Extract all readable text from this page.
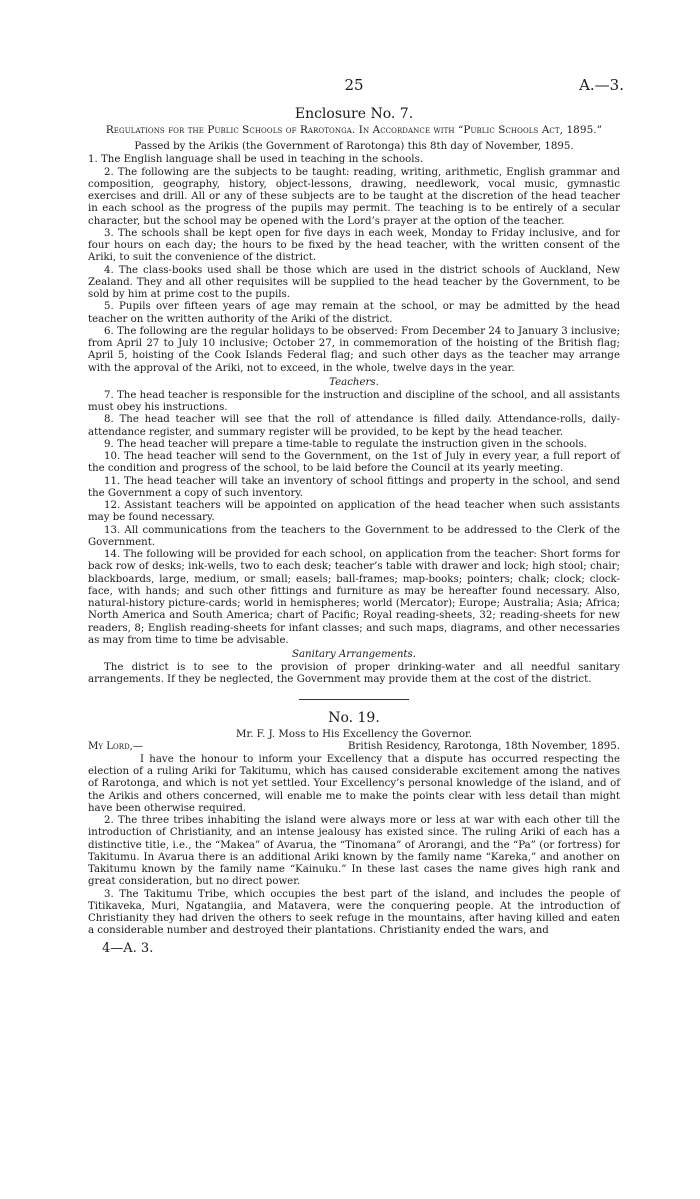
25	A.—3.
Enclosure No. 7.
Regulations for the Public Schools of Rarotonga. In Accordance with “Public Schools Act, 1895.”

Passed by the Arikis (the Government of Rarotonga) this 8th day of November, 1895.

1. The English language shall be used in teaching in the schools.

2. The following are the subjects to be taught: reading, writing, arithmetic, English grammar and composition, geography, history, object-lessons, drawing, needlework, vocal music, gymnastic exercises and drill. All or any of these subjects are to be taught at the discretion of the head teacher in each school as the progress of the pupils may permit. The teaching is to be entirely of a secular character, but the school may be opened with the Lord’s prayer at the option of the teacher.

3. The schools shall be kept open for five days in each week, Monday to Friday inclusive, and for four hours on each day; the hours to be fixed by the head teacher, with the written consent of the Ariki, to suit the convenience of the district.

4. The class-books used shall be those which are used in the district schools of Auckland, New Zealand. They and all other requisites will be supplied to the head teacher by the Government, to be sold by him at prime cost to the pupils.

5. Pupils over fifteen years of age may remain at the school, or may be admitted by the head teacher on the written authority of the Ariki of the district.

6. The following are the regular holidays to be observed: From December 24 to January 3 inclusive; from April 27 to July 10 inclusive; October 27, in commemoration of the hoisting of the British flag; April 5, hoisting of the Cook Islands Federal flag; and such other days as the teacher may arrange with the approval of the Ariki, not to exceed, in the whole, twelve days in the year.

Teachers.

7. The head teacher is responsible for the instruction and discipline of the school, and all assistants must obey his instructions.

8. The head teacher will see that the roll of attendance is filled daily. Attendance-rolls, daily-attendance register, and summary register will be provided, to be kept by the head teacher.

9. The head teacher will prepare a time-table to regulate the instruction given in the schools.

10. The head teacher will send to the Government, on the 1st of July in every year, a full report of the condition and progress of the school, to be laid before the Council at its yearly meeting.

11. The head teacher will take an inventory of school fittings and property in the school, and send the Government a copy of such inventory.

12. Assistant teachers will be appointed on application of the head teacher when such assistants may be found necessary.

13. All communications from the teachers to the Government to be addressed to the Clerk of the Government.

14. The following will be provided for each school, on application from the teacher: Short forms for back row of desks; ink-wells, two to each desk; teacher’s table with drawer and lock; high stool; chair; blackboards, large, medium, or small; easels; ball-frames; map-books; pointers; chalk; clock; clock-face, with hands; and such other fittings and furniture as may be hereafter found necessary. Also, natural-history picture-cards; world in hemispheres; world (Mercator); Europe; Australia; Asia; Africa; North America and South America; chart of Pacific; Royal reading-sheets, 32; reading-sheets for new readers, 8; English reading-sheets for infant classes; and such maps, diagrams, and other necessaries as may from time to time be advisable.

Sanitary Arrangements.

The district is to see to the provision of proper drinking-water and all needful sanitary arrangements. If they be neglected, the Government may provide them at the cost of the district.

No. 19.

Mr. F. J. Moss to His Excellency the Governor.

My Lord,—	British Residency, Rarotonga, 18th November, 1895.

I have the honour to inform your Excellency that a dispute has occurred respecting the election of a ruling Ariki for Takitumu, which has caused considerable excitement among the natives of Rarotonga, and which is not yet settled. Your Excellency’s personal knowledge of the island, and of the Arikis and others concerned, will enable me to make the points clear with less detail than might have been otherwise required.

2. The three tribes inhabiting the island were always more or less at war with each other till the introduction of Christianity, and an intense jealousy has existed since. The ruling Ariki of each has a distinctive title, i.e., the “Makea” of Avarua, the “Tinomana” of Arorangi, and the “Pa” (or fortress) for Takitumu. In Avarua there is an additional Ariki known by the family name “Kareka,” and another on Takitumu known by the family name “Kainuku.” In these last cases the name gives high rank and great consideration, but no direct power.

3. The Takitumu Tribe, which occupies the best part of the island, and includes the people of Titikaveka, Muri, Ngatangiia, and Matavera, were the conquering people. At the introduction of Christianity they had driven the others to seek refuge in the mountains, after having killed and eaten a considerable number and destroyed their plantations. Christianity ended the wars, and

4—A. 3.
